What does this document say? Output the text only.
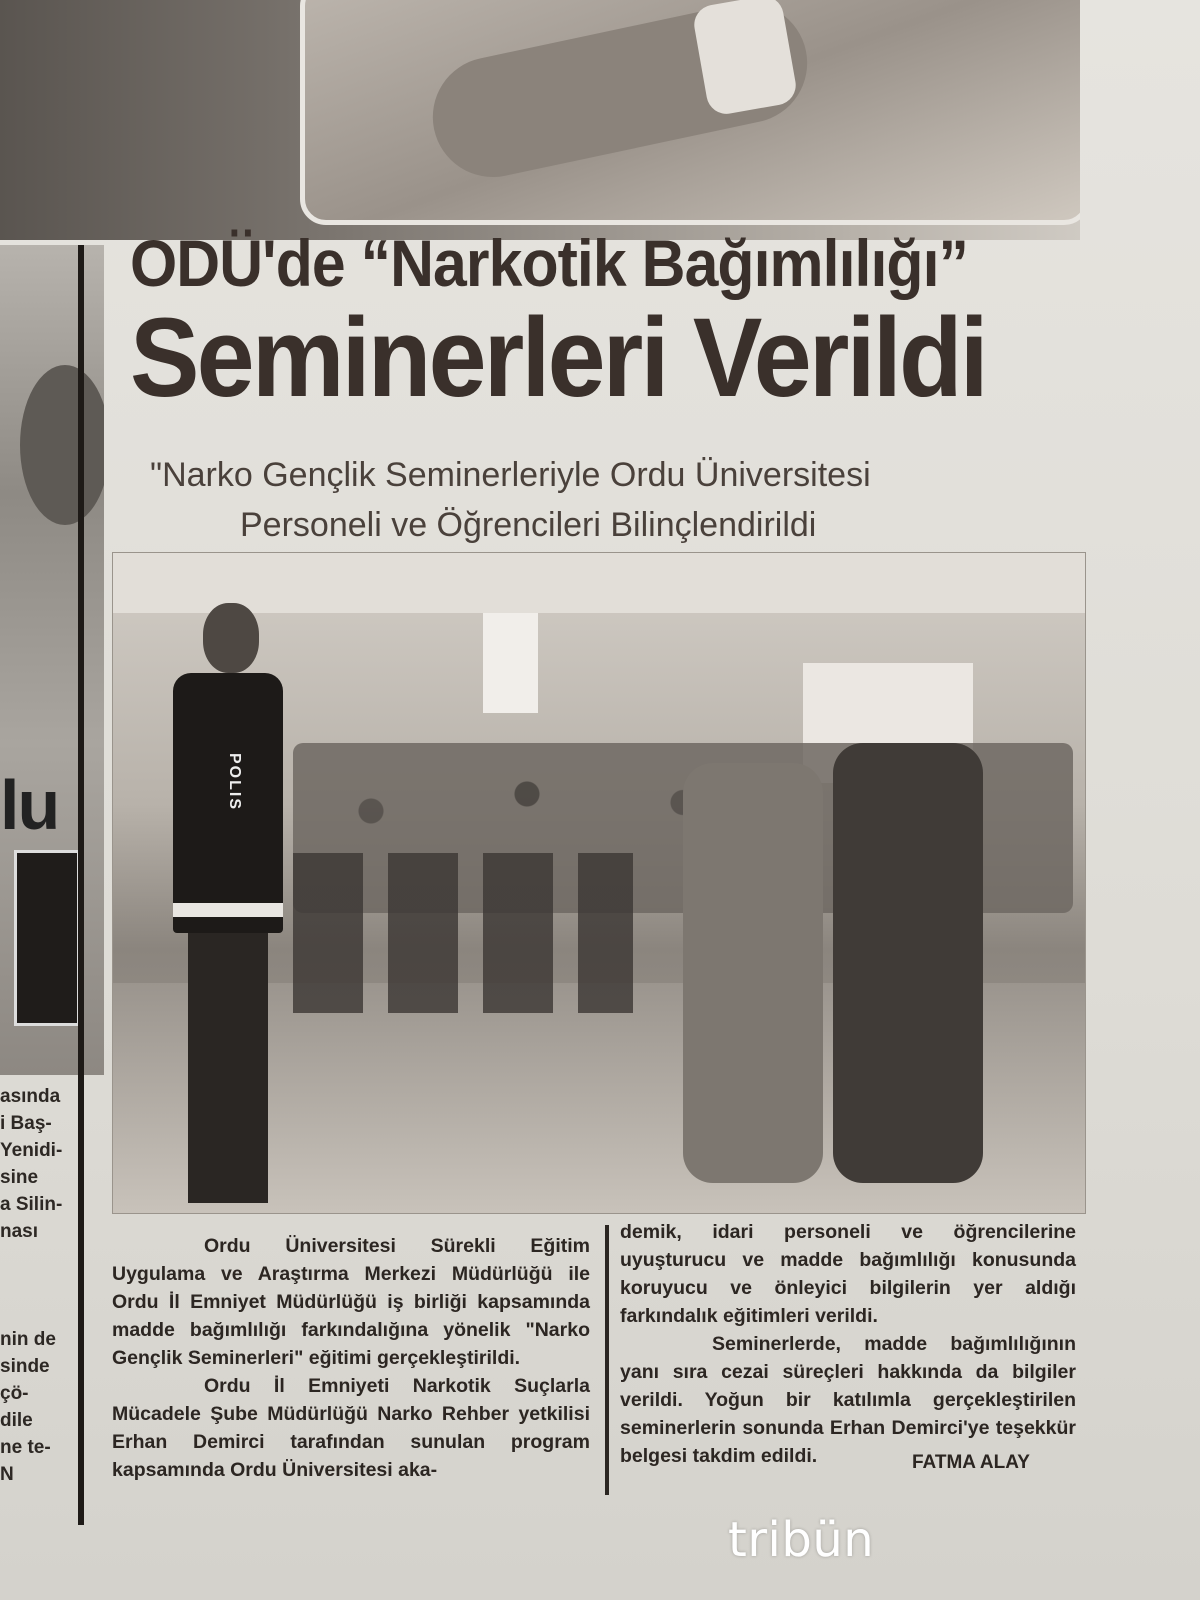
lu
asında
i Baş-
Yenidi-
sine
a Silin-
nası

nin de
sinde
çö-
dile
ne te-
N
ODÜ'de “Narkotik Bağımlılığı”
Seminerleri Verildi
"Narko Gençlik Seminerleriyle Ordu Üniversitesi
Personeli ve Öğrencileri Bilinçlendirildi
POLIS

Ordu Üniversitesi Sürekli Eğitim Uygulama ve Araştırma Merkezi Müdürlüğü ile Ordu İl Emniyet Müdürlüğü iş birliği kapsamında madde bağımlılığı farkındalığına yönelik "Narko Gençlik Seminerleri" eğitimi gerçekleştirildi.

Ordu İl Emniyeti Narkotik Suçlarla Mücadele Şube Müdürlüğü Narko Rehber yetkilisi Erhan Demirci tarafından sunulan program kapsamında Ordu Üniversitesi aka-

demik, idari personeli ve öğrencilerine uyuşturucu ve madde bağımlılığı konusunda koruyucu ve önleyici bilgilerin yer aldığı farkındalık eğitimleri verildi.

Seminerlerde, madde bağımlılığının yanı sıra cezai süreçleri hakkında da bilgiler verildi. Yoğun bir katılımla gerçekleştirilen seminerlerin sonunda Erhan Demirci'ye teşekkür belgesi takdim edildi.	FATMA ALAY
tribün
